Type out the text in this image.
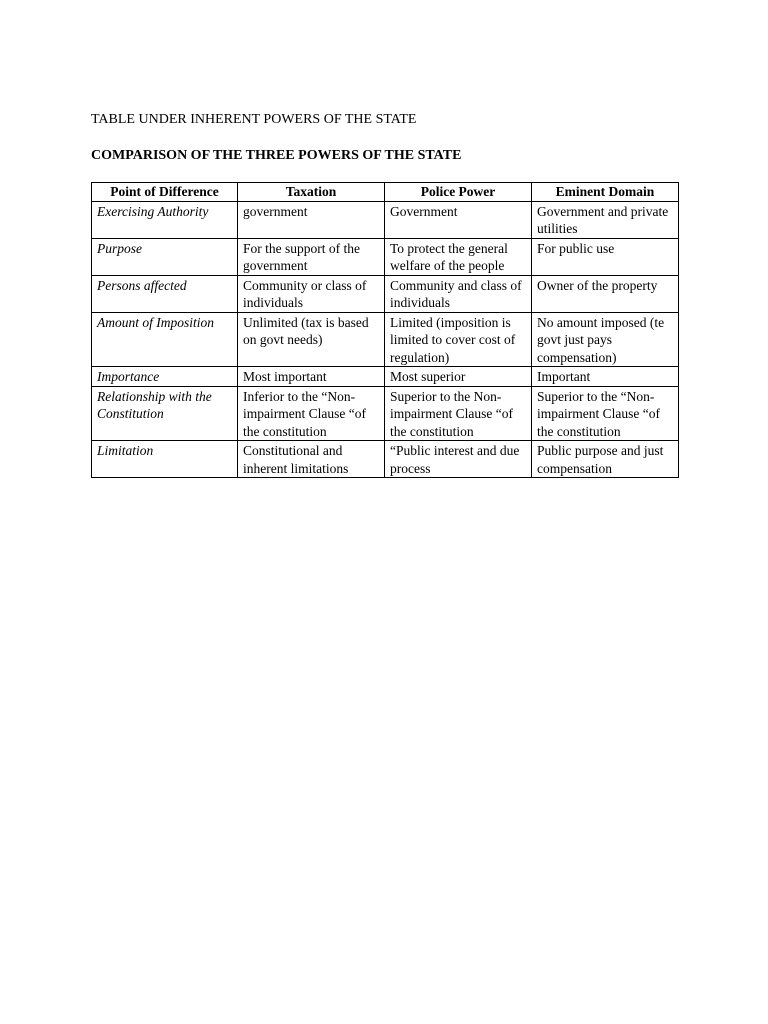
TABLE UNDER INHERENT POWERS OF THE STATE
COMPARISON OF THE THREE POWERS OF THE STATE
Point of Difference	Taxation	Police Power	Eminent Domain
Exercising Authority	government	Government	Government and private utilities
Purpose	For the support of the government	To protect the general welfare of the people	For public use
Persons affected	Community or class of individuals	Community and class of individuals	Owner of the property
Amount of Imposition	Unlimited (tax is based on govt needs)	Limited (imposition is limited to cover cost of regulation)	No amount imposed (te govt just pays compensation)
Importance	Most important	Most superior	Important
Relationship with the Constitution	Inferior to the “Non-impairment Clause “of the constitution	Superior to the Non-impairment Clause “of the constitution	Superior to the “Non-impairment Clause “of the constitution
Limitation	Constitutional and inherent limitations	“Public interest and due process	Public purpose and just compensation
